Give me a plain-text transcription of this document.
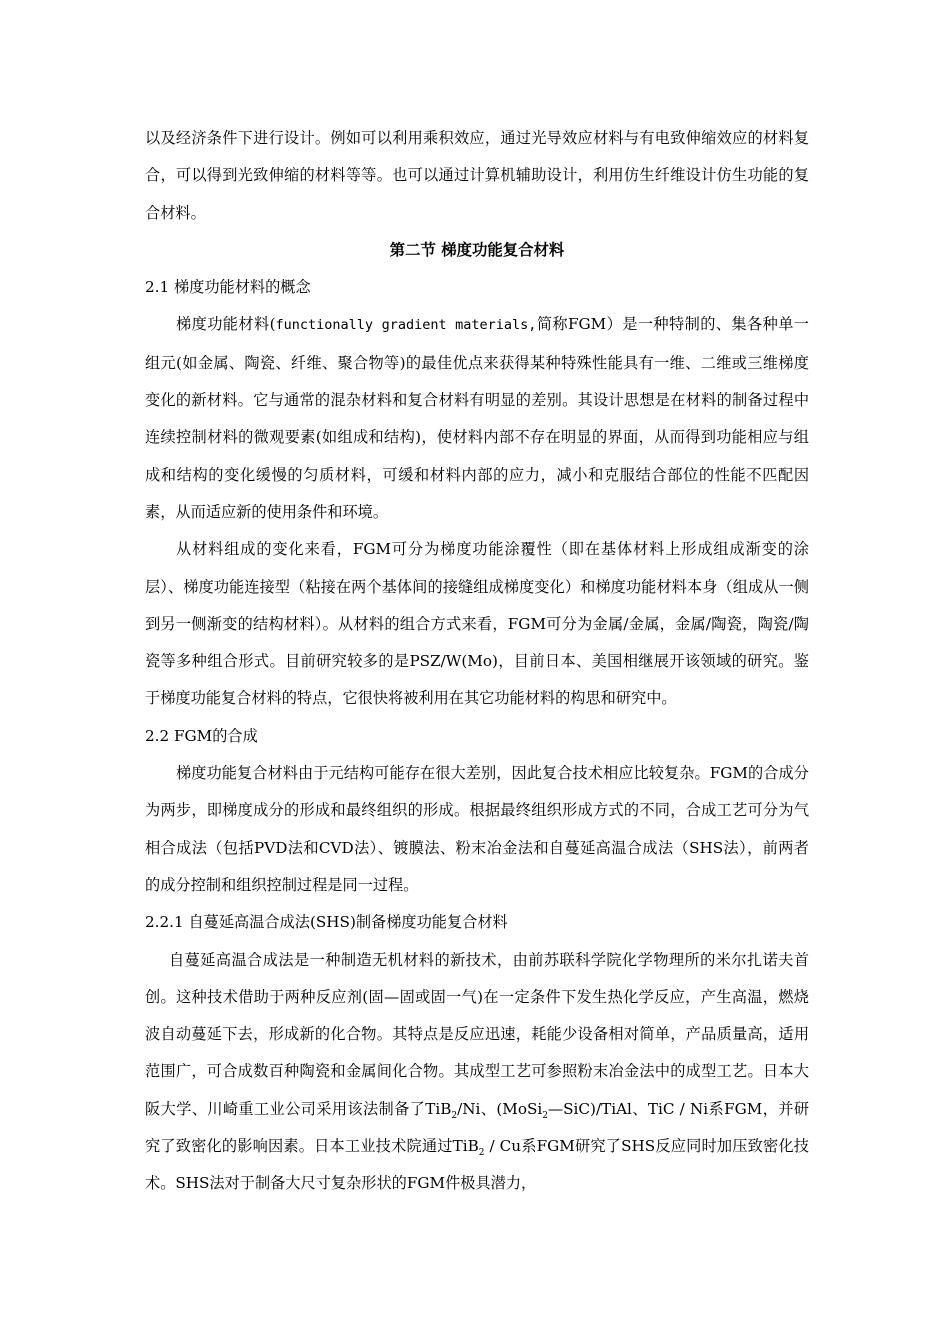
以及经济条件下进行设计。例如可以利用乘积效应，通过光导效应材料与有电致伸缩效应的材料复合，可以得到光致伸缩的材料等等。也可以通过计算机辅助设计，利用仿生纤维设计仿生功能的复合材料。

第二节 梯度功能复合材料

2.1 梯度功能材料的概念

梯度功能材料(functionally gradient materials,简称FGM）是一种特制的、集各种单一组元(如金属、陶瓷、纤维、聚合物等)的最佳优点来获得某种特殊性能具有一维、二维或三维梯度变化的新材料。它与通常的混杂材料和复合材料有明显的差别。其设计思想是在材料的制备过程中连续控制材料的微观要素(如组成和结构)，使材料内部不存在明显的界面，从而得到功能相应与组成和结构的变化缓慢的匀质材料，可缓和材料内部的应力，减小和克服结合部位的性能不匹配因素，从而适应新的使用条件和环境。

从材料组成的变化来看，FGM可分为梯度功能涂覆性（即在基体材料上形成组成渐变的涂层）、梯度功能连接型（粘接在两个基体间的接缝组成梯度变化）和梯度功能材料本身（组成从一侧到另一侧渐变的结构材料）。从材料的组合方式来看，FGM可分为金属/金属，金属/陶瓷，陶瓷/陶瓷等多种组合形式。目前研究较多的是PSZ/W(Mo)，目前日本、美国相继展开该领域的研究。鉴于梯度功能复合材料的特点，它很快将被利用在其它功能材料的构思和研究中。

2.2 FGM的合成

梯度功能复合材料由于元结构可能存在很大差别，因此复合技术相应比较复杂。FGM的合成分为两步，即梯度成分的形成和最终组织的形成。根据最终组织形成方式的不同，合成工艺可分为气相合成法（包括PVD法和CVD法）、镀膜法、粉末冶金法和自蔓延高温合成法（SHS法），前两者的成分控制和组织控制过程是同一过程。

2.2.1 自蔓延高温合成法(SHS)制备梯度功能复合材料

自蔓延高温合成法是一种制造无机材料的新技术，由前苏联科学院化学物理所的米尔扎诺夫首创。这种技术借助于两种反应剂(固—固或固一气)在一定条件下发生热化学反应，产生高温，燃烧波自动蔓延下去，形成新的化合物。其特点是反应迅速，耗能少设备相对简单，产品质量高，适用范围广，可合成数百种陶瓷和金属间化合物。其成型工艺可参照粉末冶金法中的成型工艺。日本大阪大学、川崎重工业公司采用该法制备了TiB$_2$/Ni、(MoSi$_2$—SiC)/TiAl、TiC / Ni系FGM，并研究了致密化的影响因素。日本工业技术院通过TiB$_2$ / Cu系FGM研究了SHS反应同时加压致密化技术。SHS法对于制备大尺寸复杂形状的FGM件极具潜力，
